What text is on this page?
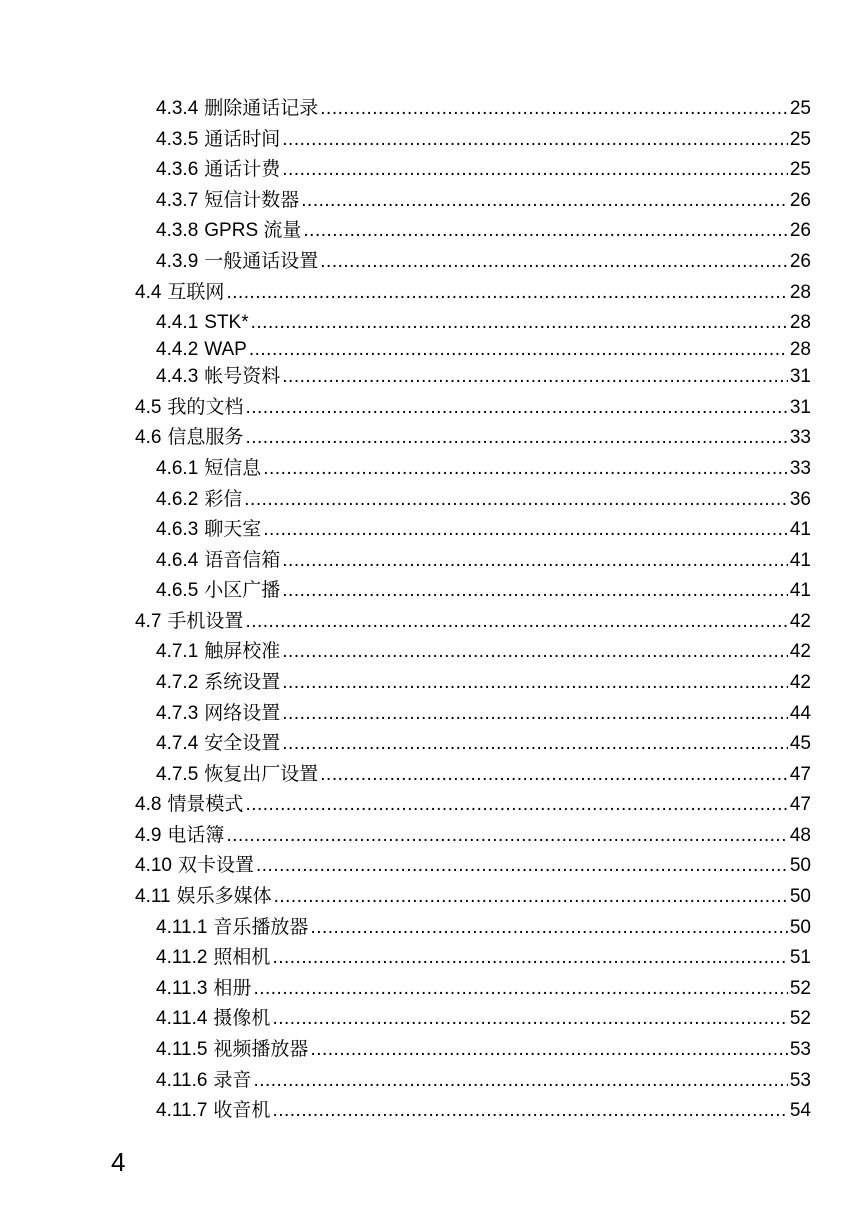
4.3.4 删除通话记录 .....	25
4.3.5 通话时间 .....	25
4.3.6 通话计费 .....	25
4.3.7 短信计数器 .....	26
4.3.8 GPRS 流量 .....	26
4.3.9 一般通话设置 .....	26
4.4 互联网 .....	28
4.4.1 STK* .....	28
4.4.2 WAP .....	28
4.4.3 帐号资料 .....	31
4.5 我的文档 .....	31
4.6 信息服务 .....	33
4.6.1 短信息 .....	33
4.6.2 彩信 .....	36
4.6.3 聊天室 .....	41
4.6.4 语音信箱 .....	41
4.6.5 小区广播 .....	41
4.7 手机设置 .....	42
4.7.1 触屏校准 .....	42
4.7.2 系统设置 .....	42
4.7.3 网络设置 .....	44
4.7.4 安全设置 .....	45
4.7.5 恢复出厂设置 .....	47
4.8 情景模式 .....	47
4.9 电话簿 .....	48
4.10 双卡设置 .....	50
4.11 娱乐多媒体 .....	50
4.11.1 音乐播放器 .....	50
4.11.2 照相机 .....	51
4.11.3 相册 .....	52
4.11.4 摄像机 .....	52
4.11.5 视频播放器 .....	53
4.11.6 录音 .....	53
4.11.7 收音机 .....	54
4
